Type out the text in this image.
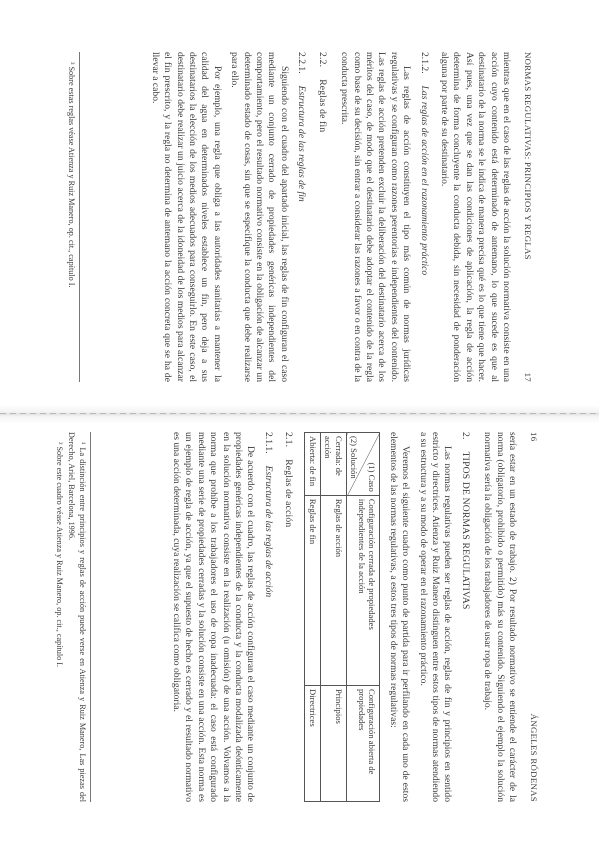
16
ÁNGELES RÓDENAS

sería estar en un estado de trabajo. 2) Por resultado normativo se entiende el carácter de la norma (obligatorio, prohibido o permitido) más su contenido. Siguiendo el ejemplo la solución normativa sería la obligación de los trabajadores de usar ropa de trabajo.

2.TIPOS DE NORMAS REGULATIVAS

Las normas regulativas pueden ser reglas de acción, reglas de fin y principios en sentido estricto y directrices. Atienza y Ruiz Manero distinguen entre estos tipos de normas atendiendo a su estructura y a su modo de operar en el razonamiento práctico.

Veremos el siguiente cuadro como punto de partida para ir perfilando en cada uno de estos elementos de las normas regulativas, a estos tres tipos de normas regulativas:

(1) Caso
(2) Solución	Configuración cerrada de propiedades independientes de la acción	Configuración abierta de propiedades
Cerrada: de acción	Reglas de acción	Principios
Abierta: de fin	Reglas de fin	Directrices
2.1.Reglas de acción
2.1.1.Estructura de las reglas de acción

De acuerdo con el cuadro, las reglas de acción configuran el caso mediante un conjunto de propiedades genéricas independientes de la conducta y la conducta modalizada deónticamente en la solución normativa consiste en la realización (u omisión) de una acción. Volvamos a la norma que prohíbe a los trabajadores el uso de ropa inadecuada: el caso está configurado mediante una serie de propiedades cerradas y la solución consiste en una acción. Esta norma es un ejemplo de regla de acción, ya que el supuesto de hecho es cerrado y el resultado normativo es una acción determinada, cuya realización se califica como obligatoria.

¹ La distinción entre principios y reglas de acción puede verse en Atienza y Ruiz Manero, Las piezas del Derecho, Ariel, Barcelona, 1996.

² Sobre este cuadro véase Atienza y Ruiz Manero, op. cit., capítulo I.

NORMAS REGULATIVAS: PRINCIPIOS Y REGLAS
17

mientras que en el caso de las reglas de acción la solución normativa consiste en una acción cuyo contenido está determinado de antemano, lo que sucede es que al destinatario de la norma se le indica de manera precisa qué es lo que tiene que hacer. Así pues, una vez que se dan las condiciones de aplicación, la regla de acción determina de forma concluyente la conducta debida, sin necesidad de ponderación alguna por parte de su destinatario.

2.1.2.Las reglas de acción en el razonamiento práctico

Las reglas de acción constituyen el tipo más común de normas jurídicas regulativas y se configuran como razones perentorias e independientes del contenido. Las reglas de acción pretenden excluir la deliberación del destinatario acerca de los méritos del caso, de modo que el destinatario debe adoptar el contenido de la regla como base de su decisión, sin entrar a considerar las razones a favor o en contra de la conducta prescrita.

2.2.Reglas de fin
2.2.1.Estructura de las reglas de fin

Siguiendo con el cuadro del apartado inicial, las reglas de fin configuran el caso mediante un conjunto cerrado de propiedades genéricas independientes del comportamiento, pero el resultado normativo consiste en la obligación de alcanzar un determinado estado de cosas, sin que se especifique la conducta que debe realizarse para ello.

Por ejemplo, una regla que obliga a las autoridades sanitarias a mantener la calidad del agua en determinados niveles establece un fin, pero deja a sus destinatarios la elección de los medios adecuados para conseguirlo. En este caso, el destinatario debe realizar un juicio acerca de la idoneidad de los medios para alcanzar el fin prescrito, y la regla no determina de antemano la acción concreta que se ha de llevar a cabo.

³ Sobre estas reglas véase Atienza y Ruiz Manero, op. cit., capítulo I.
